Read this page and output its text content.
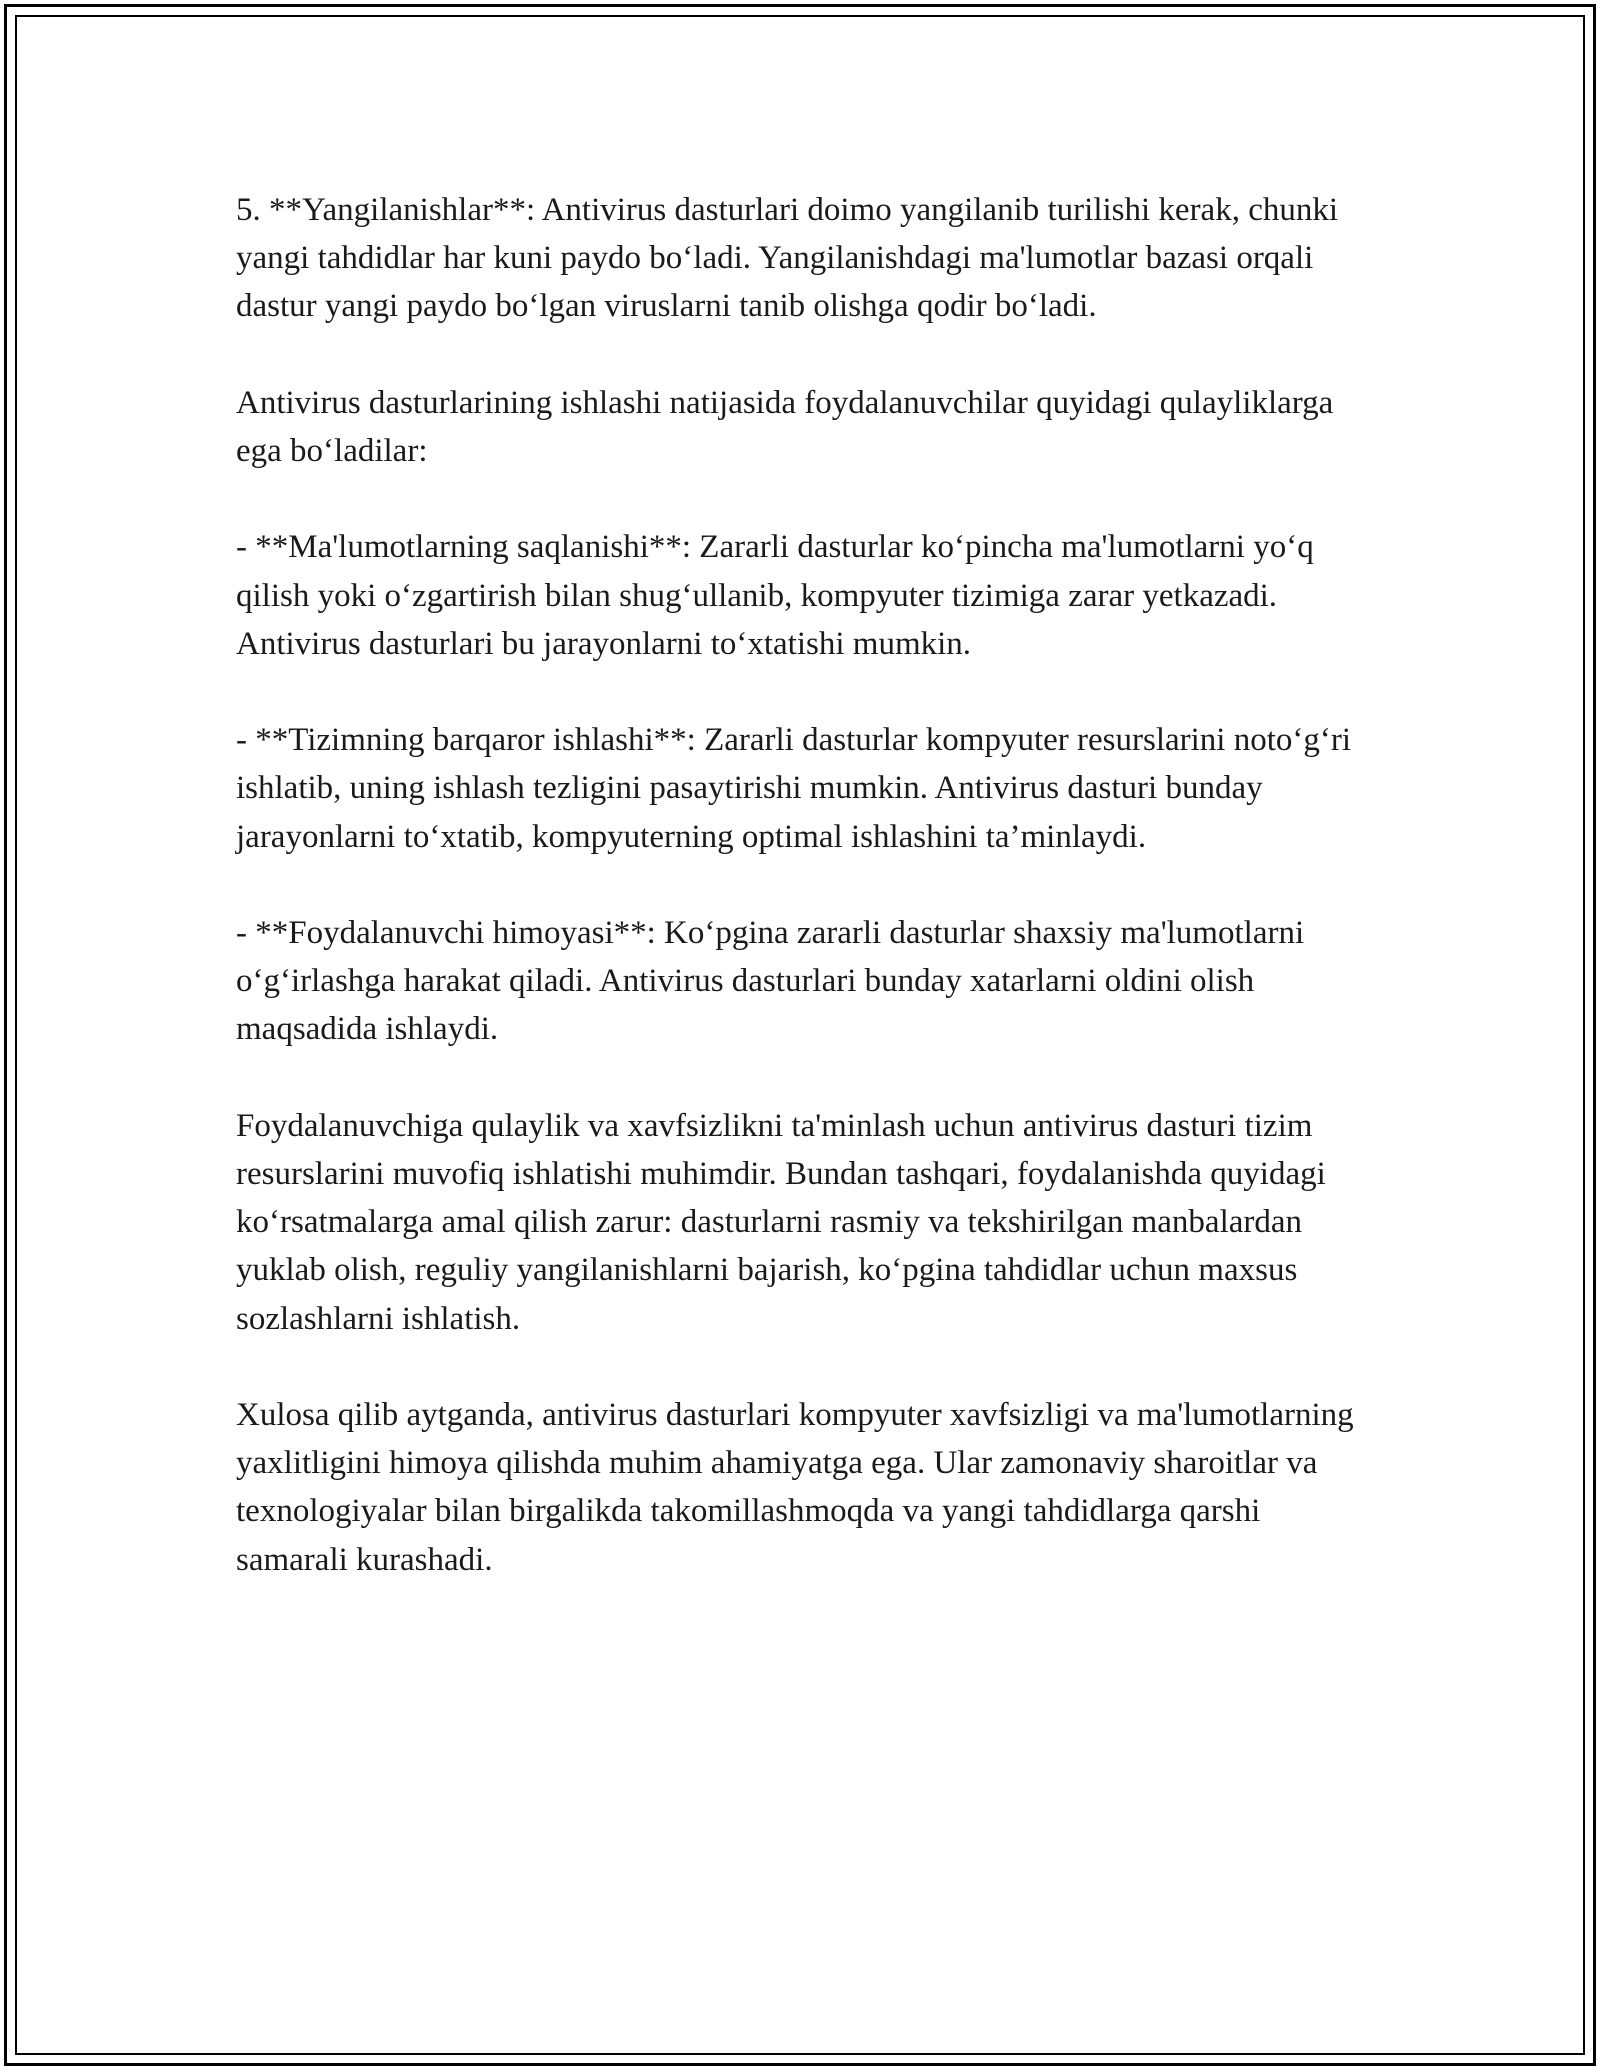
5. **Yangilanishlar**: Antivirus dasturlari doimo yangilanib turilishi kerak, chunki yangi tahdidlar har kuni paydo bo‘ladi. Yangilanishdagi ma'lumotlar bazasi orqali dastur yangi paydo bo‘lgan viruslarni tanib olishga qodir bo‘ladi.

Antivirus dasturlarining ishlashi natijasida foydalanuvchilar quyidagi qulayliklarga ega bo‘ladilar:

- **Ma'lumotlarning saqlanishi**: Zararli dasturlar ko‘pincha ma'lumotlarni yo‘q qilish yoki o‘zgartirish bilan shug‘ullanib, kompyuter tizimiga zarar yetkazadi. Antivirus dasturlari bu jarayonlarni to‘xtatishi mumkin.

- **Tizimning barqaror ishlashi**: Zararli dasturlar kompyuter resurslarini noto‘g‘ri ishlatib, uning ishlash tezligini pasaytirishi mumkin. Antivirus dasturi bunday jarayonlarni to‘xtatib, kompyuterning optimal ishlashini ta’minlaydi.

- **Foydalanuvchi himoyasi**: Ko‘pgina zararli dasturlar shaxsiy ma'lumotlarni o‘g‘irlashga harakat qiladi. Antivirus dasturlari bunday xatarlarni oldini olish maqsadida ishlaydi.

Foydalanuvchiga qulaylik va xavfsizlikni ta'minlash uchun antivirus dasturi tizim resurslarini muvofiq ishlatishi muhimdir. Bundan tashqari, foydalanishda quyidagi ko‘rsatmalarga amal qilish zarur: dasturlarni rasmiy va tekshirilgan manbalardan yuklab olish, reguliy yangilanishlarni bajarish, ko‘pgina tahdidlar uchun maxsus sozlashlarni ishlatish.

Xulosa qilib aytganda, antivirus dasturlari kompyuter xavfsizligi va ma'lumotlarning yaxlitligini himoya qilishda muhim ahamiyatga ega. Ular zamonaviy sharoitlar va texnologiyalar bilan birgalikda takomillashmoqda va yangi tahdidlarga qarshi samarali kurashadi.
